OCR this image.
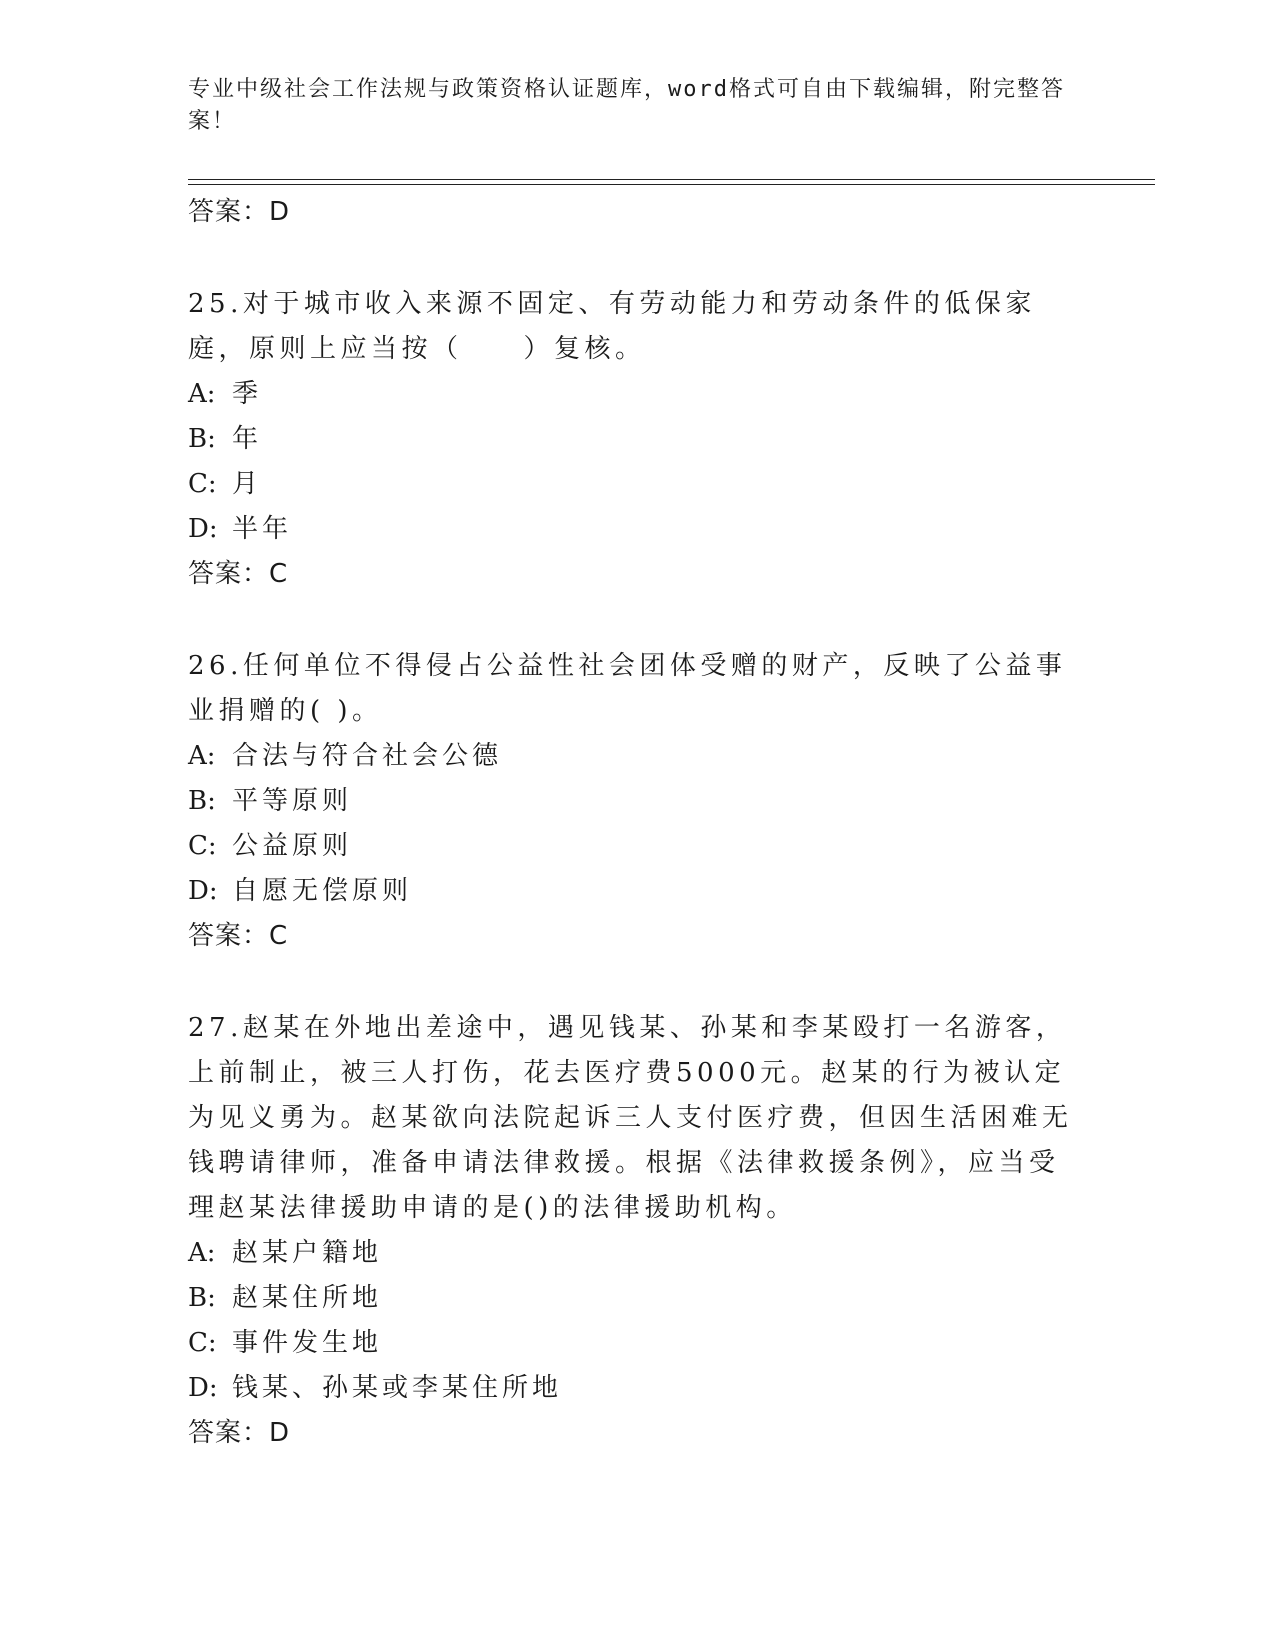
专业中级社会工作法规与政策资格认证题库，word格式可自由下载编辑，附完整答案！
答案：D
25.对于城市收入来源不固定、有劳动能力和劳动条件的低保家庭，原则上应当按（　　）复核。
A: 季
B: 年
C: 月
D: 半年
答案：C
26.任何单位不得侵占公益性社会团体受赠的财产，反映了公益事业捐赠的( )。
A: 合法与符合社会公德
B: 平等原则
C: 公益原则
D: 自愿无偿原则
答案：C
27.赵某在外地出差途中，遇见钱某、孙某和李某殴打一名游客，上前制止，被三人打伤，花去医疗费5000元。赵某的行为被认定为见义勇为。赵某欲向法院起诉三人支付医疗费，但因生活困难无钱聘请律师，准备申请法律救援。根据《法律救援条例》，应当受理赵某法律援助申请的是()的法律援助机构。
A: 赵某户籍地
B: 赵某住所地
C: 事件发生地
D: 钱某、孙某或李某住所地
答案：D
